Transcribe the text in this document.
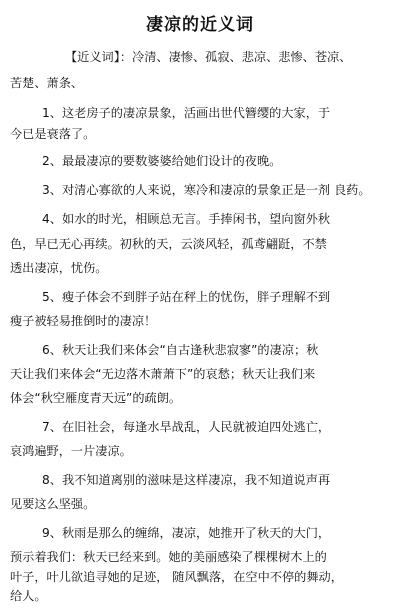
凄凉的近义词
【近义词】：冷清、凄惨、孤寂、悲凉、悲惨、苍凉、
苦楚、萧条、
1、这老房子的凄凉景象，活画出世代簪缨的大家，于
今已是衰落了。
2、最最凄凉的要数婆婆给她们设计的夜晚。
3、对清心寡欲的人来说，寒冷和凄凉的景象正是一剂 良药。
4、如水的时光，相顾总无言。手捧闲书，望向窗外秋
色，早已无心再续。初秋的天，云淡风轻，孤鸢翩跹，不禁
透出凄凉，忧伤。
5、瘦子体会不到胖子站在秤上的忧伤，胖子理解不到
瘦子被轻易推倒时的凄凉！
6、秋天让我们来体会“自古逢秋悲寂寥”的凄凉；秋
天让我们来体会“无边落木萧萧下”的哀愁；秋天让我们来
体会“秋空雁度青天远”的疏朗。
7、在旧社会，每逢水旱战乱，人民就被迫四处逃亡，
哀鸿遍野，一片凄凉。
8、我不知道离别的滋味是这样凄凉，我不知道说声再
见要这么坚强。
9、秋雨是那么的缠绵，凄凉，她推开了秋天的大门，
预示着我们：秋天已经来到。她的美丽感染了棵棵树木上的
叶子，叶儿欲追寻她的足迹， 随风飘落，在空中不停的舞动，
给人。
